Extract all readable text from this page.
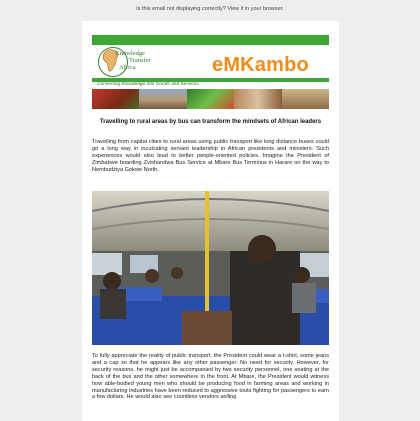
Is this email not displaying correctly? View it in your browser.
Knowledge
Transfer
Africa	eMKambo
Converting Knowledge into Goods and Services
Travelling to rural areas by bus can transform the mindsets of African leaders

Travelling from capital cities to rural areas using public transport like long distance buses could go a long way in inculcating servant leadership in African presidents and ministers. Such experiences would also lead to better people-oriented policies. Imagine the President of Zimbabwe boarding Zvishandwa Bus Service at Mbare Bus Terminus in Harare on the way to Nembudziya Gokwe North.

To fully appreciate the reality of public transport, the President could wear a t-shirt, some jeans and a cap so that he appears like any other passenger. No need for security. However, for security reasons, he might just be accompanied by two security personnel, one seating at the back of the bus and the other somewhere in the front. At Mbare, the President would witness how able-bodied young men who should be producing food in farming areas and working in manufacturing industries have been reduced to aggressive touts fighting for passengers to earn a few dollars. He would also see countless vendors selling
